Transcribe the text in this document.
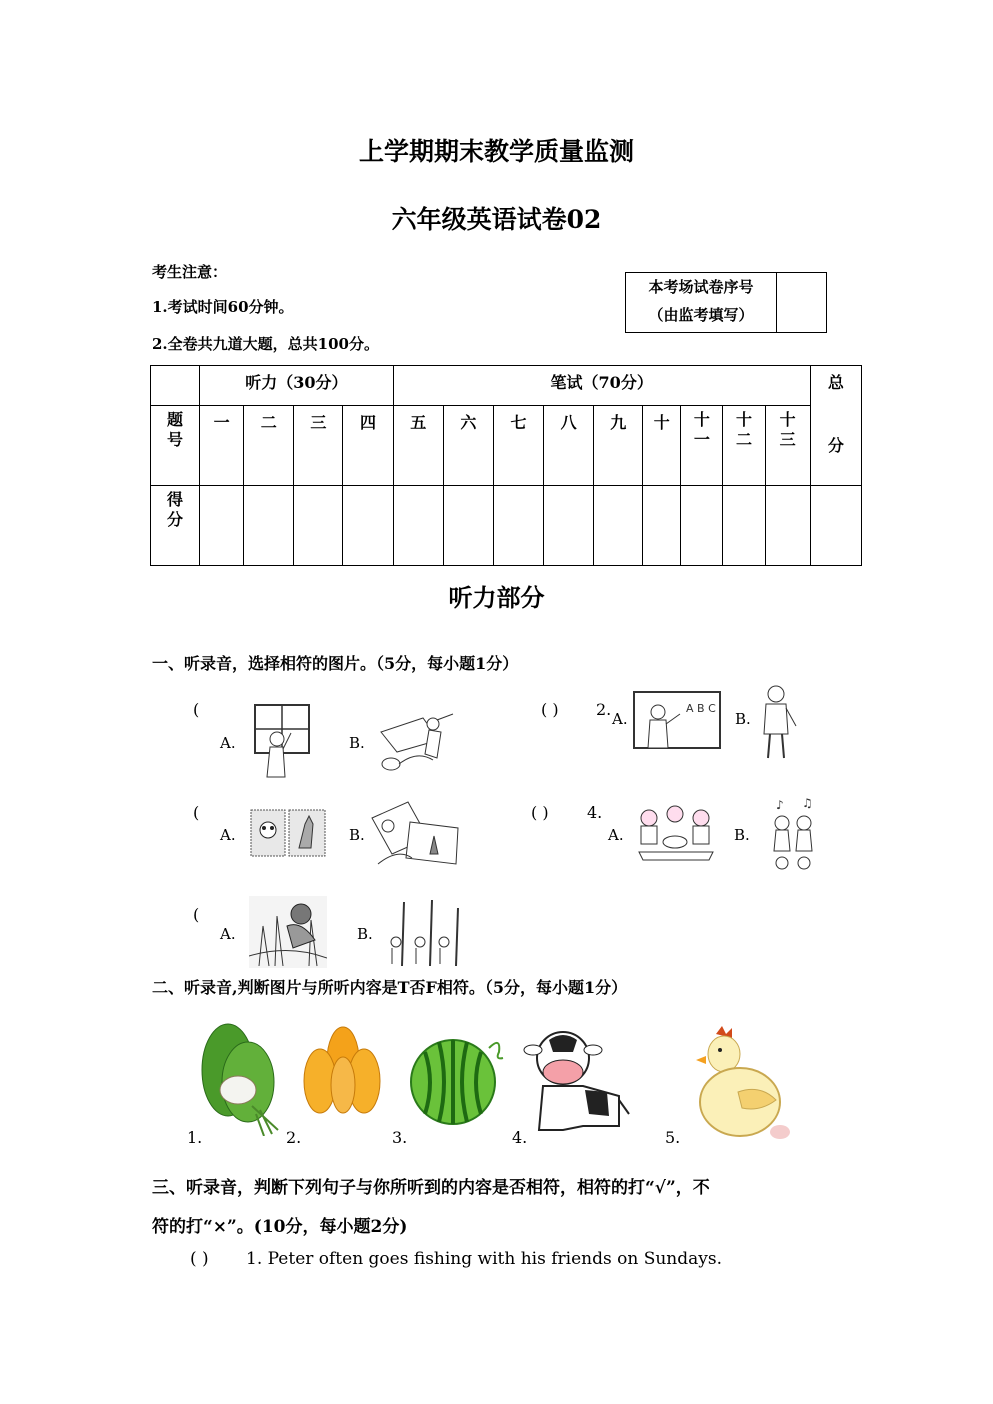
上学期期末教学质量监测
六年级英语试卷02
考生注意：
1.考试时间60分钟。
2.全卷共九道大题，总共100分。
本考场试卷序号
（由监考填写）
	听力（30分）				笔试（70分）									总
分

题号	一	二	三	四	五	六	七	八	九	十	十一	十二	十三	

得分														

听力部分
一、听录音，选择相符的图片。（5分，每小题1分）
(
A.	B.
( ) 2. A.
A B C
B.
(
A.	B.
( ) 4.
A.	B.
♪ ♫
(
A.	B.
二、听录音,判断图片与所听内容是T否F相符。（5分，每小题1分）
1.	2.	3.	4.	5.
三、听录音，判断下列句子与你所听到的内容是否相符，相符的打“√”，不
符的打“×”。(10分，每小题2分)
( ) 1. Peter often goes fishing with his friends on Sundays.
